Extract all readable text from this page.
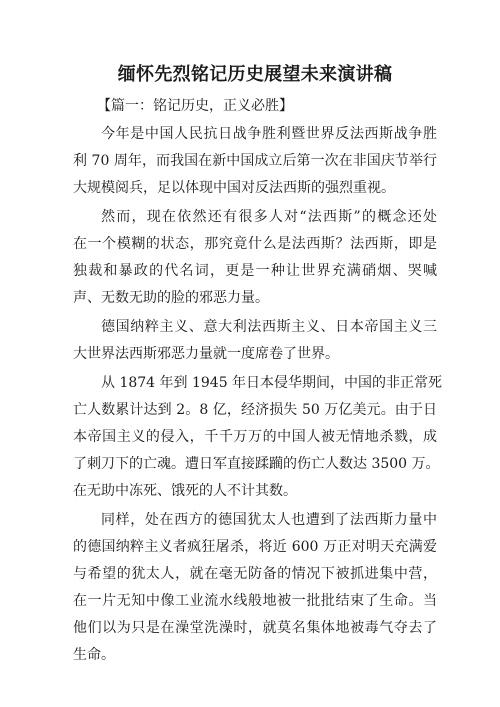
缅怀先烈铭记历史展望未来演讲稿
【篇一：铭记历史，正义必胜】
今年是中国人民抗日战争胜利暨世界反法西斯战争胜
利 70 周年，而我国在新中国成立后第一次在非国庆节举行
大规模阅兵，足以体现中国对反法西斯的强烈重视。
然而，现在依然还有很多人对“法西斯”的概念还处
在一个模糊的状态，那究竟什么是法西斯？法西斯，即是
独裁和暴政的代名词，更是一种让世界充满硝烟、哭喊
声、无数无助的脸的邪恶力量。
德国纳粹主义、意大利法西斯主义、日本帝国主义三
大世界法西斯邪恶力量就一度席卷了世界。
从 1874 年到 1945 年日本侵华期间，中国的非正常死
亡人数累计达到 2。8 亿，经济损失 50 万亿美元。由于日
本帝国主义的侵入，千千万万的中国人被无情地杀戮，成
了刺刀下的亡魂。遭日军直接蹂躏的伤亡人数达 3500 万。
在无助中冻死、饿死的人不计其数。
同样，处在西方的德国犹太人也遭到了法西斯力量中
的德国纳粹主义者疯狂屠杀，将近 600 万正对明天充满爱
与希望的犹太人，就在毫无防备的情况下被抓进集中营，
在一片无知中像工业流水线般地被一批批结束了生命。当
他们以为只是在澡堂洗澡时，就莫名集体地被毒气夺去了
生命。
